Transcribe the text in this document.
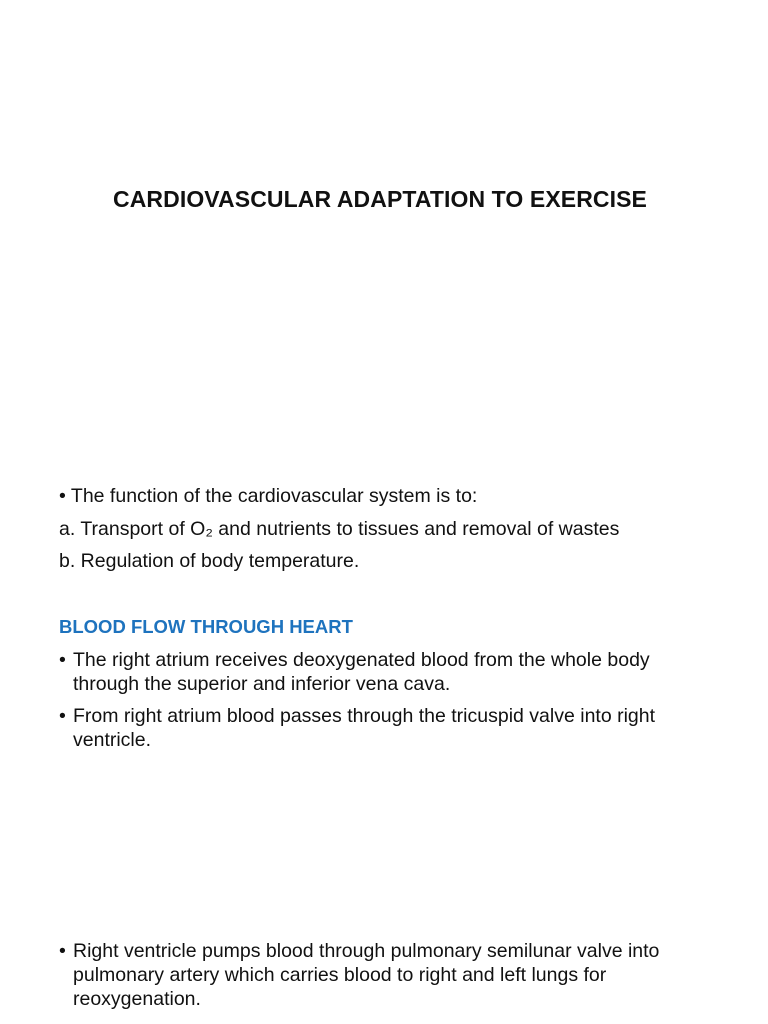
CARDIOVASCULAR ADAPTATION TO EXERCISE

• The function of the cardiovascular system is to:

a. Transport of O₂ and nutrients to tissues and removal of wastes

b. Regulation of body temperature.

BLOOD FLOW THROUGH HEART
• The right atrium receives deoxygenated blood from the whole body through the superior and inferior vena cava.
• From right atrium blood passes through the tricuspid valve into right ventricle.
• Right ventricle pumps blood through pulmonary semilunar valve into pulmonary artery which carries blood to right and left lungs for reoxygenation.
